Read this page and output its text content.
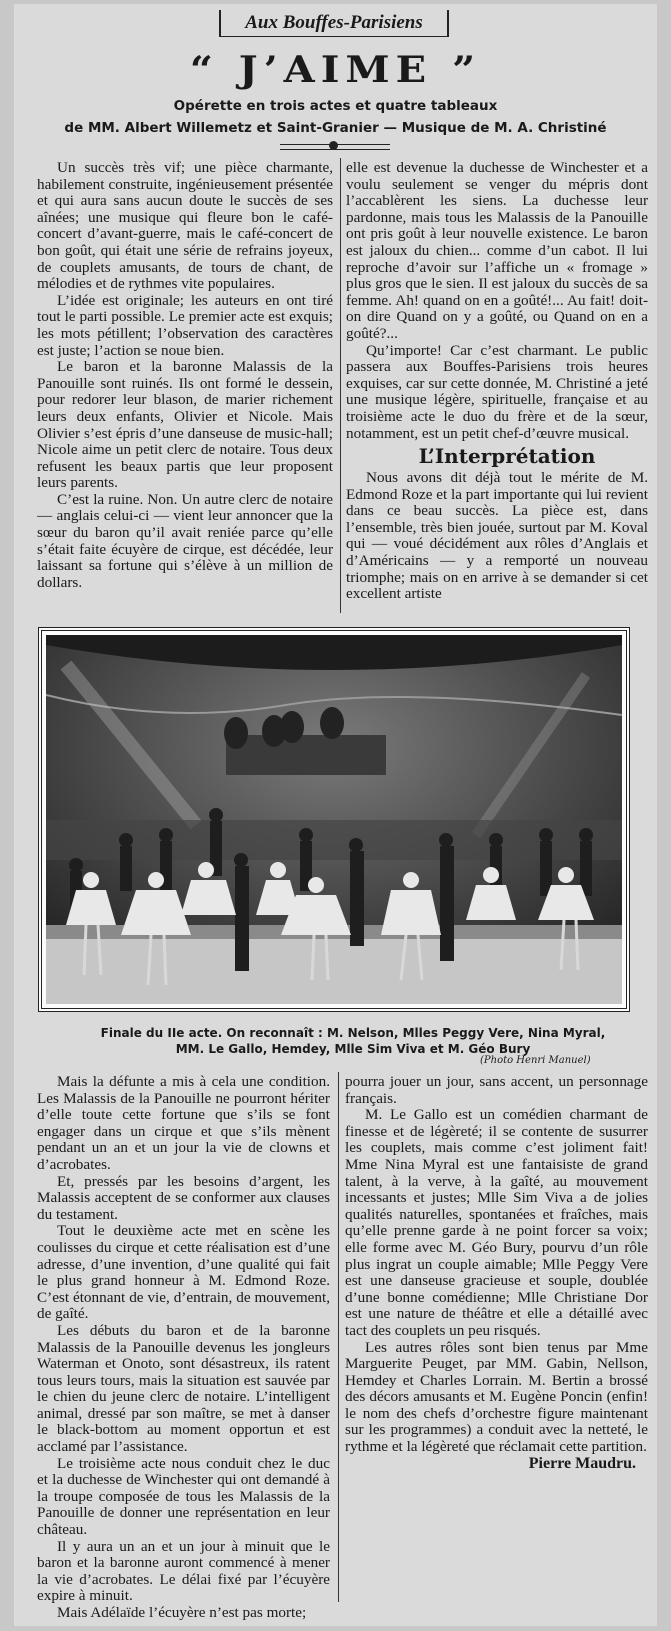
Aux Bouffes-Parisiens
“ J’AIME ”
Opérette en trois actes et quatre tableaux
de MM. Albert Willemetz et Saint-Granier — Musique de M. A. Christiné

Un succès très vif; une pièce charmante, habilement construite, ingénieusement présentée et qui aura sans aucun doute le succès de ses aînées; une musique qui fleure bon le café-concert d’avant-guerre, mais le café-concert de bon goût, qui était une série de refrains joyeux, de couplets amusants, de tours de chant, de mélodies et de rythmes vite populaires.

L’idée est originale; les auteurs en ont tiré tout le parti possible. Le premier acte est exquis; les mots pétillent; l’observation des caractères est juste; l’action se noue bien.

Le baron et la baronne Malassis de la Panouille sont ruinés. Ils ont formé le dessein, pour redorer leur blason, de marier richement leurs deux enfants, Olivier et Nicole. Mais Olivier s’est épris d’une danseuse de music-hall; Nicole aime un petit clerc de notaire. Tous deux refusent les beaux partis que leur proposent leurs parents.

C’est la ruine. Non. Un autre clerc de notaire — anglais celui-ci — vient leur annoncer que la sœur du baron qu’il avait reniée parce qu’elle s’était faite écuyère de cirque, est décédée, leur laissant sa fortune qui s’élève à un million de dollars.

elle est devenue la duchesse de Winchester et a voulu seulement se venger du mépris dont l’accablèrent les siens. La duchesse leur pardonne, mais tous les Malassis de la Panouille ont pris goût à leur nouvelle existence. Le baron est jaloux du chien... comme d’un cabot. Il lui reproche d’avoir sur l’affiche un « fromage » plus gros que le sien. Il est jaloux du succès de sa femme. Ah! quand on en a goûté!... Au fait! doit-on dire Quand on y a goûté, ou Quand on en a goûté?...

Qu’importe! Car c’est charmant. Le public passera aux Bouffes-Parisiens trois heures exquises, car sur cette donnée, M. Christiné a jeté une musique légère, spirituelle, française et au troisième acte le duo du frère et de la sœur, notamment, est un petit chef-d’œuvre musical.

L’Interprétation

Nous avons dit déjà tout le mérite de M. Edmond Roze et la part importante qui lui revient dans ce beau succès. La pièce est, dans l’ensemble, très bien jouée, surtout par M. Koval qui — voué décidément aux rôles d’Anglais et d’Américains — y a remporté un nouveau triomphe; mais on en arrive à se demander si cet excellent artiste

Finale du IIe acte. On reconnaît : M. Nelson, Mlles Peggy Vere, Nina Myral,
MM. Le Gallo, Hemdey, Mlle Sim Viva et M. Géo Bury
(Photo Henri Manuel)

Mais la défunte a mis à cela une condition. Les Malassis de la Panouille ne pourront hériter d’elle toute cette fortune que s’ils se font engager dans un cirque et que s’ils mènent pendant un an et un jour la vie de clowns et d’acrobates.

Et, pressés par les besoins d’argent, les Malassis acceptent de se conformer aux clauses du testament.

Tout le deuxième acte met en scène les coulisses du cirque et cette réalisation est d’une adresse, d’une invention, d’une qualité qui fait le plus grand honneur à M. Edmond Roze. C’est étonnant de vie, d’entrain, de mouvement, de gaîté.

Les débuts du baron et de la baronne Malassis de la Panouille devenus les jongleurs Waterman et Onoto, sont désastreux, ils ratent tous leurs tours, mais la situation est sauvée par le chien du jeune clerc de notaire. L’intelligent animal, dressé par son maître, se met à danser le black-bottom au moment opportun et est acclamé par l’assistance.

Le troisième acte nous conduit chez le duc et la duchesse de Winchester qui ont demandé à la troupe composée de tous les Malassis de la Panouille de donner une représentation en leur château.

Il y aura un an et un jour à minuit que le baron et la baronne auront commencé à mener la vie d’acrobates. Le délai fixé par l’écuyère expire à minuit.

Mais Adélaïde l’écuyère n’est pas morte;

pourra jouer un jour, sans accent, un personnage français.

M. Le Gallo est un comédien charmant de finesse et de légèreté; il se contente de susurrer les couplets, mais comme c’est joliment fait! Mme Nina Myral est une fantaisiste de grand talent, à la verve, à la gaîté, au mouvement incessants et justes; Mlle Sim Viva a de jolies qualités naturelles, spontanées et fraîches, mais qu’elle prenne garde à ne point forcer sa voix; elle forme avec M. Géo Bury, pourvu d’un rôle plus ingrat un couple aimable; Mlle Peggy Vere est une danseuse gracieuse et souple, doublée d’une bonne comédienne; Mlle Christiane Dor est une nature de théâtre et elle a détaillé avec tact des couplets un peu risqués.

Les autres rôles sont bien tenus par Mme Marguerite Peuget, par MM. Gabin, Nellson, Hemdey et Charles Lorrain. M. Bertin a brossé des décors amusants et M. Eugène Poncin (enfin! le nom des chefs d’orchestre figure maintenant sur les programmes) a conduit avec la netteté, le rythme et la légèreté que réclamait cette partition.

Pierre Maudru.
